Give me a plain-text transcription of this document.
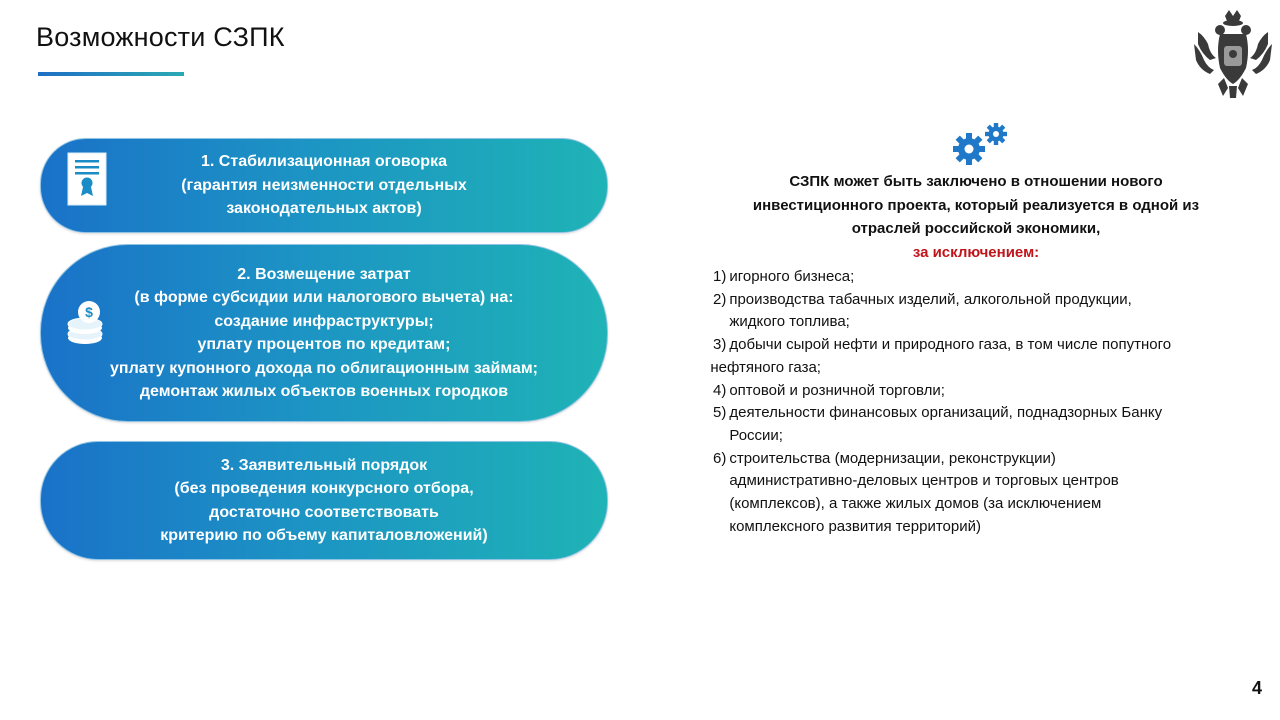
Возможности СЗПК
1. Стабилизационная оговорка
(гарантия неизменности отдельных
законодательных актов)
$
2. Возмещение затрат
(в форме субсидии или налогового вычета) на:
создание инфраструктуры;
уплату процентов по кредитам;
уплату купонного дохода по облигационным займам;
демонтаж жилых объектов военных городков
3. Заявительный порядок
(без проведения конкурсного отбора,
достаточно соответствовать
критерию по объему капиталовложений)
СЗПК может быть заключено в отношении нового
инвестиционного проекта, который реализуется в одной из
отраслей российской экономики,
за исключением:
1) игорного бизнеса;
2) производства табачных изделий, алкогольной продукции,
жидкого топлива;
3) добычи сырой нефти и природного газа, в том числе попутного
нефтяного газа;
4) оптовой и розничной торговли;
5) деятельности финансовых организаций, поднадзорных Банку
России;
6) строительства (модернизации, реконструкции)
административно-деловых центров и торговых центров
(комплексов), а также жилых домов (за исключением
комплексного развития территорий)
4
